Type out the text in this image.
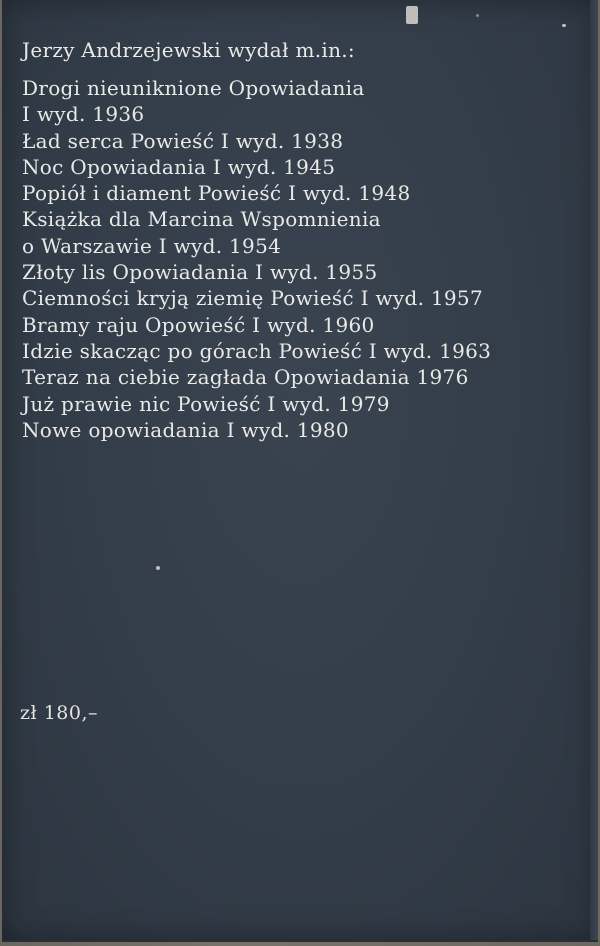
Jerzy Andrzejewski wydał m.in.:
Drogi nieuniknione Opowiadania
I wyd. 1936
Ład serca Powieść I wyd. 1938
Noc Opowiadania I wyd. 1945
Popiół i diament Powieść I wyd. 1948
Książka dla Marcina Wspomnienia
o Warszawie I wyd. 1954
Złoty lis Opowiadania I wyd. 1955
Ciemności kryją ziemię Powieść I wyd. 1957
Bramy raju Opowieść I wyd. 1960
Idzie skacząc po górach Powieść I wyd. 1963
Teraz na ciebie zagłada Opowiadania 1976
Już prawie nic Powieść I wyd. 1979
Nowe opowiadania I wyd. 1980
zł 180,–
